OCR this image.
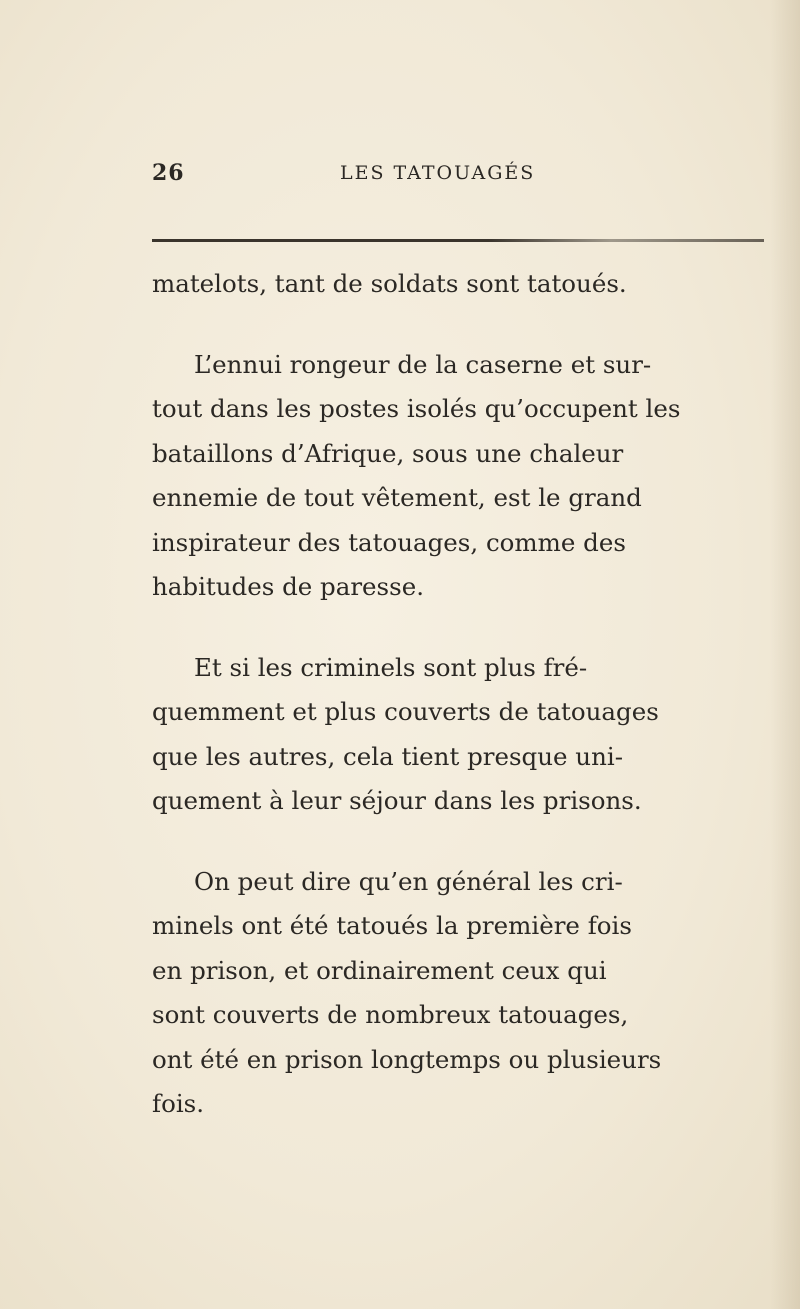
26	LES TATOUAGÉS

matelots, tant de soldats sont tatoués.

L’ennui rongeur de la caserne et sur-
tout dans les postes isolés qu’occupent les
bataillons d’Afrique, sous une chaleur
ennemie de tout vêtement, est le grand
inspirateur des tatouages, comme des
habitudes de paresse.

Et si les criminels sont plus fré-
quemment et plus couverts de tatouages
que les autres, cela tient presque uni-
quement à leur séjour dans les prisons.

On peut dire qu’en général les cri-
minels ont été tatoués la première fois
en prison, et ordinairement ceux qui
sont couverts de nombreux tatouages,
ont été en prison longtemps ou plusieurs
fois.
